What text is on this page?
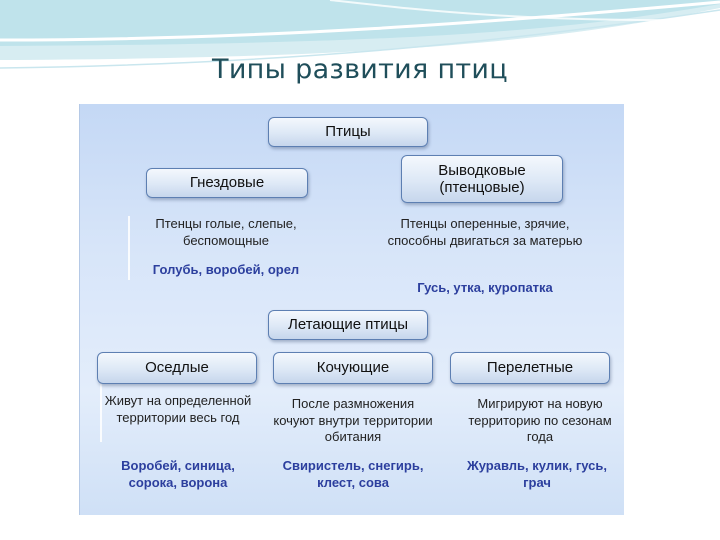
Типы развития птиц
Птицы
Гнездовые
Выводковые (птенцовые)
Птенцы голые, слепые, беспомощные
Голубь, воробей, орел
Птенцы оперенные, зрячие, способны двигаться за матерью
Гусь, утка, куропатка
Летающие птицы
Оседлые	Кочующие	Перелетные
Живут на определенной территории весь год
Воробей, синица, сорока, ворона
После размножения кочуют внутри территории обитания
Свиристель, снегирь, клест, сова
Мигрируют на новую территорию по сезонам года
Журавль, кулик, гусь, грач
